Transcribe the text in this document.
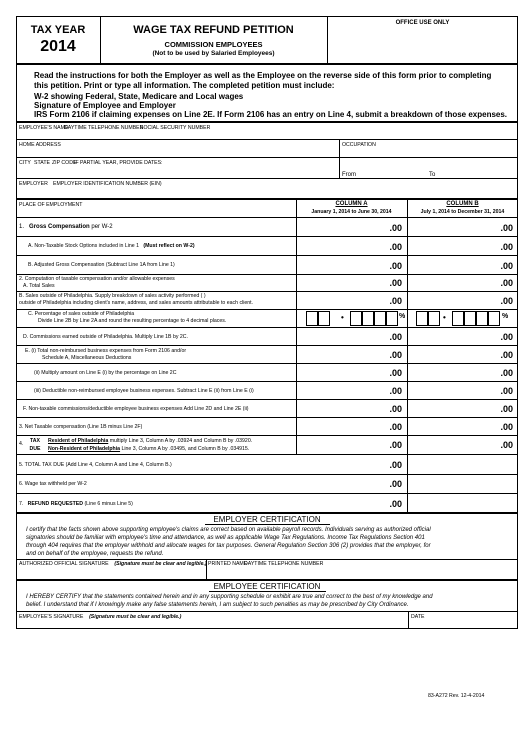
TAX YEAR
2014
WAGE TAX REFUND PETITION
COMMISSION EMPLOYEES
(Not to be used by Salaried Employees)
OFFICE USE ONLY
Read the instructions for both the Employer as well as the Employee on the reverse side of this form prior to completing
this petition. Print or type all information. The completed petition must include:
W-2 showing Federal, State, Medicare and Local wages
Signature of Employee and Employer
IRS Form 2106 if claiming expenses on Line 2E. If Form 2106 has an entry on Line 4, submit a breakdown of those expenses.
EMPLOYEE'S NAME
DAYTIME TELEPHONE NUMBER
SOCIAL SECURITY NUMBER
HOME ADDRESS	OCCUPATION
CITY STATE ZIP CODE
IF PARTIAL YEAR, PROVIDE DATES:
From	To
EMPLOYER EMPLOYER IDENTIFICATION NUMBER (EIN)
PLACE OF EMPLOYMENT	COLUMN A
January 1, 2014 to June 30, 2014
COLUMN B
July 1, 2014 to December 31, 2014
1. Gross Compensation per W-2	.00	.00
A. Non-Taxable Stock Options included in Line 1 (Must reflect on W-2)	.00	.00
B. Adjusted Gross Compensation (Subtract Line 1A from Line 1)	.00	.00
2. Computation of taxable compensation and/or allowable expenses
A. Total Sales	.00	.00
B. Sales outside of Philadelphia. Supply breakdown of sales activity performed ( )
outside of Philadelphia including client's name, address, and sales amounts attributable to each client.	.00	.00
C. Percentage of sales outside of Philadelphia
Divide Line 2B by Line 2A and round the resulting percentage to 4 decimal places.	•	%	•	%
D. Commissions earned outside of Philadelphia. Multiply Line 1B by 2C.	.00	.00
E. (i) Total non-reimbursed business expenses from Form 2106 and/or
Schedule A, Miscellaneous Deductions	.00	.00
(ii) Multiply amount on Line E (i) by the percentage on Line 2C	.00	.00
(iii) Deductible non-reimbursed employee business expenses. Subtract Line E (ii) from Line E (i)	.00	.00
F. Non-taxable commissions/deductible employee business expenses Add Line 2D and Line 2E (ii)	.00	.00
3. Net Taxable compensation (Line 1B minus Line 2F)	.00	.00
4.	TAX
DUE
Resident of Philadelphia multiply Line 3, Column A by .03924 and Column B by .03920.
Non-Resident of Philadelphia Line 3, Column A by .03495, and Column B by .034915.	.00	.00
5. TOTAL TAX DUE (Add Line 4, Column A and Line 4, Column B.)	.00
6. Wage tax withheld per W-2	.00
7. REFUND REQUESTED (Line 6 minus Line 5)	.00
EMPLOYER CERTIFICATION
I certify that the facts shown above supporting employee's claims are correct based on available payroll records. Individuals serving as authorized official
signatories should be familiar with employee's time and attendance, as well as applicable Wage Tax Regulations. Income Tax Regulations Section 401
through 404 requires that the employer withhold and allocate wages for tax purposes. General Regulation Section 306 (2) provides that the employer, for
and on behalf of the employee, requests the refund.
AUTHORIZED OFFICIAL SIGNATURE (Signature must be clear and legible.) PRINTED NAME
DAYTIME TELEPHONE NUMBER
EMPLOYEE CERTIFICATION
I HEREBY CERTIFY that the statements contained herein and in any supporting schedule or exhibit are true and correct to the best of my knowledge and
belief. I understand that if I knowingly make any false statements herein, I am subject to such penalties as may be prescribed by City Ordinance.
EMPLOYEE'S SIGNATURE (Signature must be clear and legible.)	DATE
83-A272 Rev. 12-4-2014
